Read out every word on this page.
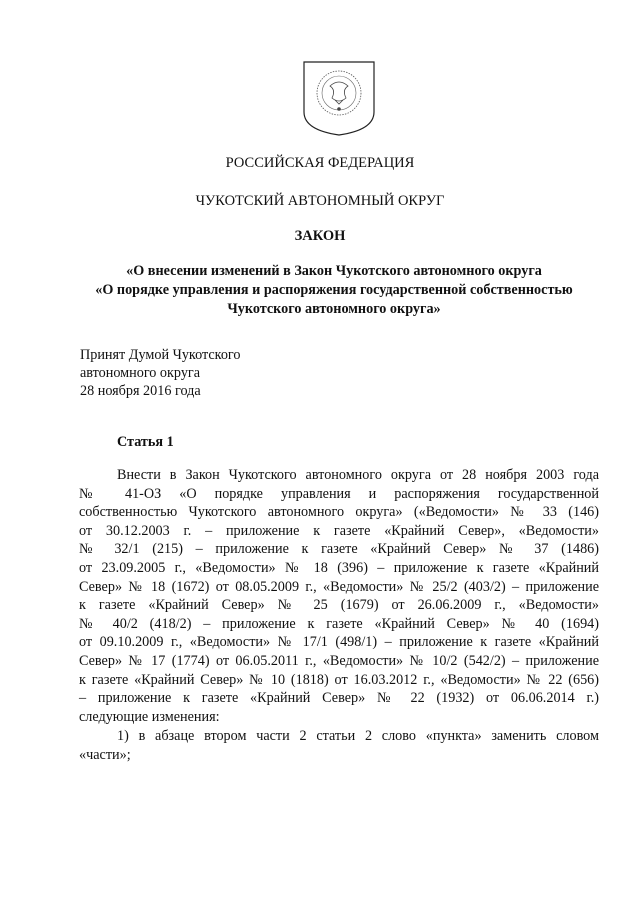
РОССИЙСКАЯ ФЕДЕРАЦИЯ
ЧУКОТСКИЙ АВТОНОМНЫЙ ОКРУГ
ЗАКОН
«О внесении изменений в Закон Чукотского автономного округа
«О порядке управления и распоряжения государственной собственностью
Чукотского автономного округа»
Принят Думой Чукотского
автономного округа
28 ноября 2016 года
Статья 1
Внести в Закон Чукотского автономного округа от 28 ноября 2003 года
№ 41-ОЗ «О порядке управления и распоряжения государственной
собственностью Чукотского автономного округа» («Ведомости» № 33 (146)
от 30.12.2003 г. – приложение к газете «Крайний Север», «Ведомости»
№ 32/1 (215) – приложение к газете «Крайний Север» № 37 (1486)
от 23.09.2005 г., «Ведомости» № 18 (396) – приложение к газете «Крайний
Север» № 18 (1672) от 08.05.2009 г., «Ведомости» № 25/2 (403/2) – приложение
к газете «Крайний Север» № 25 (1679) от 26.06.2009 г., «Ведомости»
№ 40/2 (418/2) – приложение к газете «Крайний Север» № 40 (1694)
от 09.10.2009 г., «Ведомости» № 17/1 (498/1) – приложение к газете «Крайний
Север» № 17 (1774) от 06.05.2011 г., «Ведомости» № 10/2 (542/2) – приложение
к газете «Крайний Север» № 10 (1818) от 16.03.2012 г., «Ведомости» № 22 (656)
– приложение к газете «Крайний Север» № 22 (1932) от 06.06.2014 г.)
следующие изменения:
1) в абзаце втором части 2 статьи 2 слово «пункта» заменить словом
«части»;
